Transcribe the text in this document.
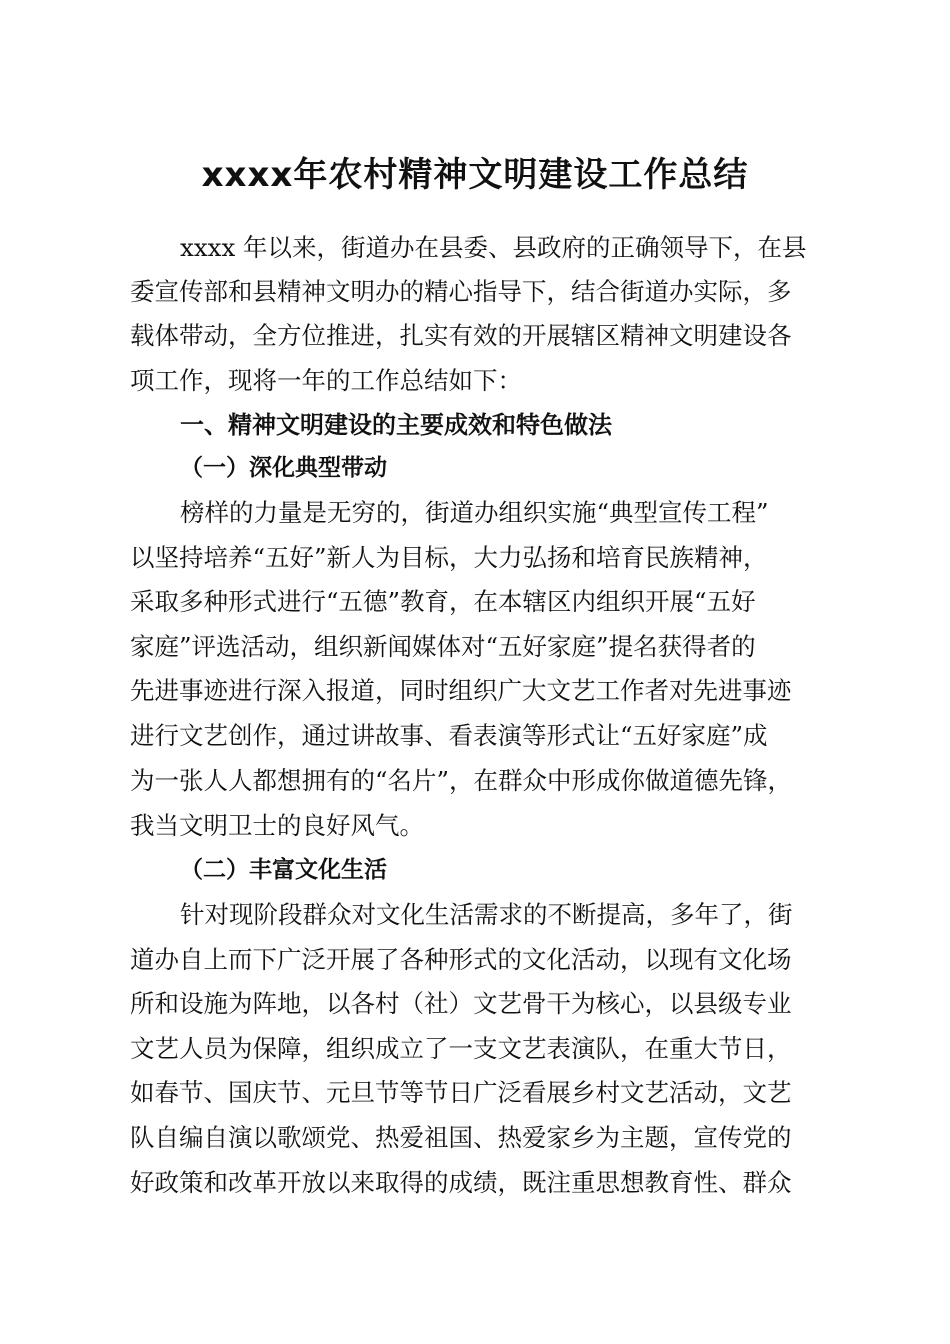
xxxx年农村精神文明建设工作总结

xxxx 年以来，街道办在县委、县政府的正确领导下，在县

委宣传部和县精神文明办的精心指导下，结合街道办实际，多

载体带动，全方位推进，扎实有效的开展辖区精神文明建设各

项工作，现将一年的工作总结如下：

一、精神文明建设的主要成效和特色做法
（一）深化典型带动

榜样的力量是无穷的，街道办组织实施“典型宣传工程”

以坚持培养“五好”新人为目标，大力弘扬和培育民族精神，

采取多种形式进行“五德”教育，在本辖区内组织开展“五好

家庭”评选活动，组织新闻媒体对“五好家庭”提名获得者的

先进事迹进行深入报道，同时组织广大文艺工作者对先进事迹

进行文艺创作，通过讲故事、看表演等形式让“五好家庭”成

为一张人人都想拥有的“名片”，在群众中形成你做道德先锋，

我当文明卫士的良好风气。

（二）丰富文化生活

针对现阶段群众对文化生活需求的不断提高，多年了，街

道办自上而下广泛开展了各种形式的文化活动，以现有文化场

所和设施为阵地，以各村（社）文艺骨干为核心，以县级专业

文艺人员为保障，组织成立了一支文艺表演队，在重大节日，

如春节、国庆节、元旦节等节日广泛看展乡村文艺活动，文艺

队自编自演以歌颂党、热爱祖国、热爱家乡为主题，宣传党的

好政策和改革开放以来取得的成绩，既注重思想教育性、群众
